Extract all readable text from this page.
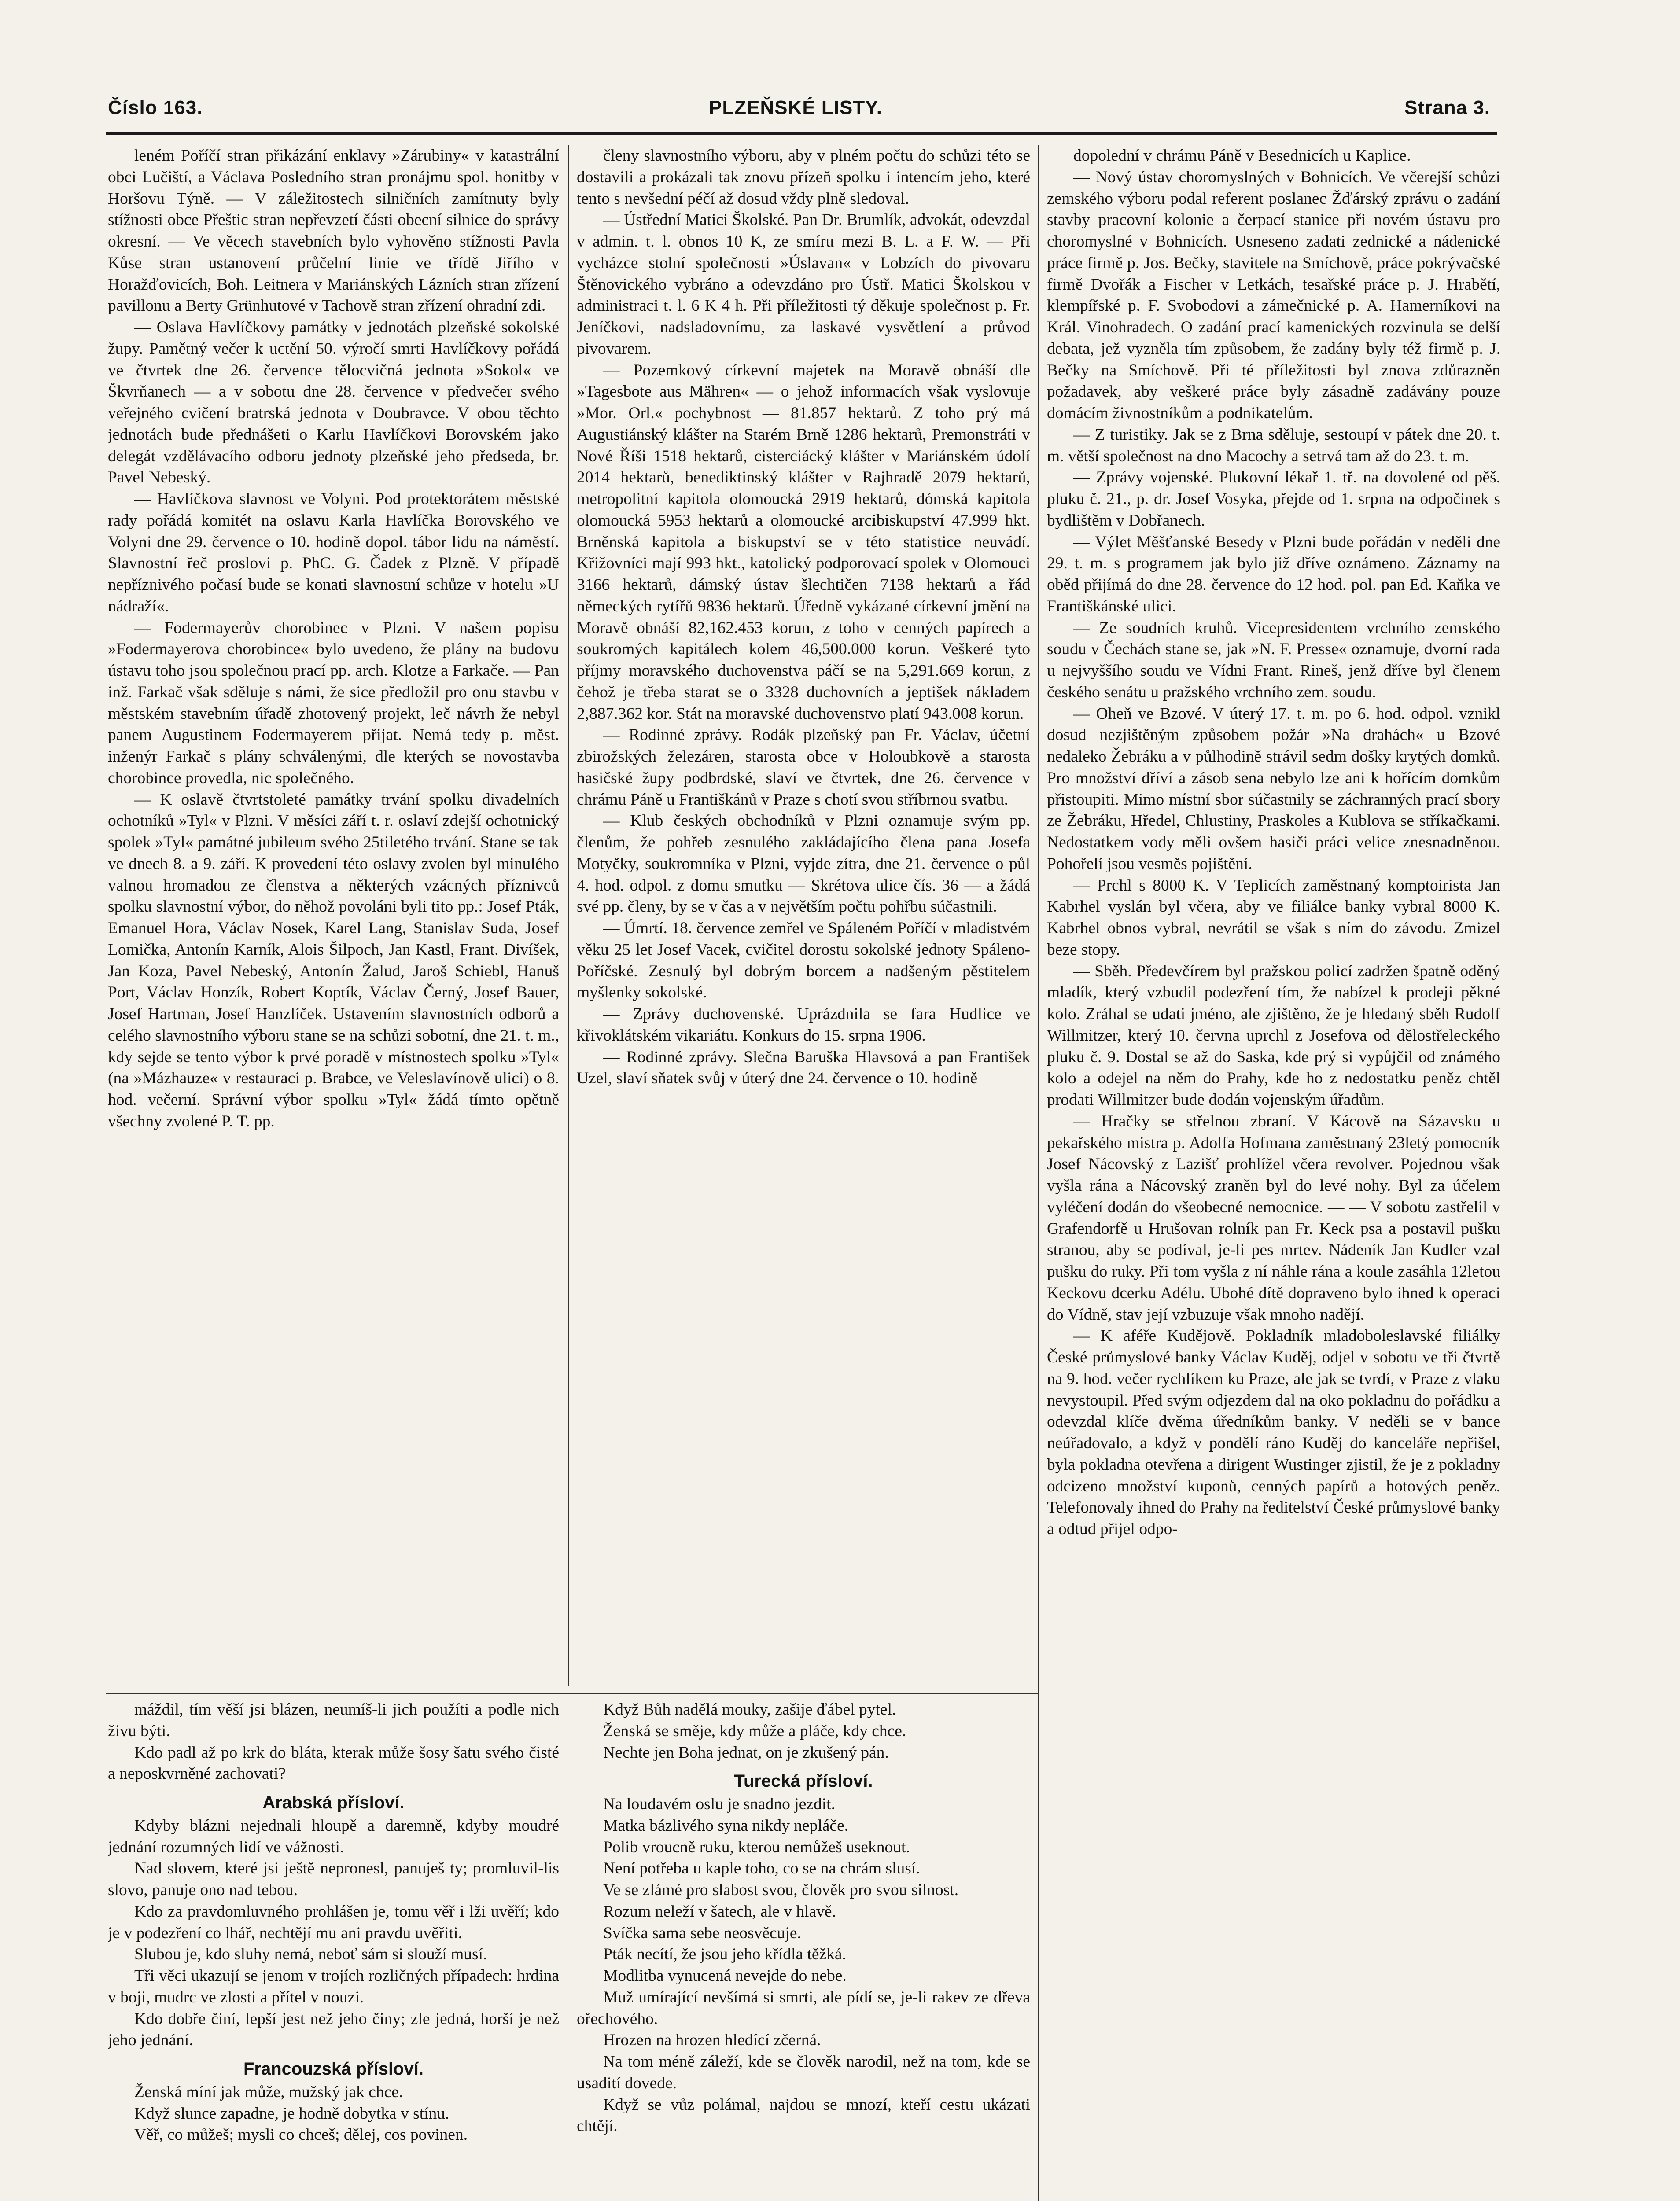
Číslo 163.	PLZEŇSKÉ LISTY.	Strana 3.

leném Poříčí stran přikázání enklavy »Zárubiny« v katastrální obci Lučiští, a Václava Posledního stran pronájmu spol. honitby v Horšovu Týně. — V záležitostech silničních zamítnuty byly stížnosti obce Přeštic stran nepřevzetí části obecní silnice do správy okresní. — Ve věcech stavebních bylo vyhověno stížnosti Pavla Kůse stran ustanovení průčelní linie ve třídě Jiřího v Horažďovicích, Boh. Leitnera v Mariánských Lázních stran zřízení pavillonu a Berty Grünhutové v Tachově stran zřízení ohradní zdi.

— Oslava Havlíčkovy památky v jednotách plzeňské sokolské župy. Pamětný večer k uctění 50. výročí smrti Havlíčkovy pořádá ve čtvrtek dne 26. července tělocvičná jednota »Sokol« ve Škvrňanech — a v sobotu dne 28. července v předvečer svého veřejného cvičení bratrská jednota v Doubravce. V obou těchto jednotách bude přednášeti o Karlu Havlíčkovi Borovském jako delegát vzdělávacího odboru jednoty plzeňské jeho předseda, br. Pavel Nebeský.

— Havlíčkova slavnost ve Volyni. Pod protektorátem městské rady pořádá komitét na oslavu Karla Havlíčka Borovského ve Volyni dne 29. července o 10. hodině dopol. tábor lidu na náměstí. Slavnostní řeč proslovi p. PhC. G. Čadek z Plzně. V případě nepříznivého počasí bude se konati slavnostní schůze v hotelu »U nádraží«.

— Fodermayerův chorobinec v Plzni. V našem popisu »Fodermayerova chorobince« bylo uvedeno, že plány na budovu ústavu toho jsou společnou prací pp. arch. Klotze a Farkače. — Pan inž. Farkač však sděluje s námi, že sice předložil pro onu stavbu v městském stavebním úřadě zhotovený projekt, leč návrh že nebyl panem Augustinem Fodermayerem přijat. Nemá tedy p. měst. inženýr Farkač s plány schválenými, dle kterých se novostavba chorobince provedla, nic společného.

— K oslavě čtvrtstoleté památky trvání spolku divadelních ochotníků »Tyl« v Plzni. V měsíci září t. r. oslaví zdejší ochotnický spolek »Tyl« památné jubileum svého 25tiletého trvání. Stane se tak ve dnech 8. a 9. září. K provedení této oslavy zvolen byl minulého valnou hromadou ze členstva a některých vzácných příznivců spolku slavnostní výbor, do něhož povoláni byli tito pp.: Josef Pták, Emanuel Hora, Václav Nosek, Karel Lang, Stanislav Suda, Josef Lomička, Antonín Karník, Alois Šilpoch, Jan Kastl, Frant. Divíšek, Jan Koza, Pavel Nebeský, Antonín Žalud, Jaroš Schiebl, Hanuš Port, Václav Honzík, Robert Koptík, Václav Černý, Josef Bauer, Josef Hartman, Josef Hanzlíček. Ustavením slavnostních odborů a celého slavnostního výboru stane se na schůzi sobotní, dne 21. t. m., kdy sejde se tento výbor k prvé poradě v místnostech spolku »Tyl« (na »Mázhauze« v restauraci p. Brabce, ve Veleslavínově ulici) o 8. hod. večerní. Správní výbor spolku »Tyl« žádá tímto opětně všechny zvolené P. T. pp.

členy slavnostního výboru, aby v plném počtu do schůzi této se dostavili a prokázali tak znovu přízeň spolku i intencím jeho, které tento s nevšední péčí až dosud vždy plně sledoval.

— Ústřední Matici Školské. Pan Dr. Brumlík, advokát, odevzdal v admin. t. l. obnos 10 K, ze smíru mezi B. L. a F. W. — Při vycházce stolní společnosti »Úslavan« v Lobzích do pivovaru Štěnovického vybráno a odevzdáno pro Ústř. Matici Školskou v administraci t. l. 6 K 4 h. Při příležitosti tý děkuje společnost p. Fr. Jeníčkovi, nadsladovnímu, za laskavé vysvětlení a průvod pivovarem.

— Pozemkový církevní majetek na Moravě obnáší dle »Tagesbote aus Mähren« — o jehož informacích však vyslovuje »Mor. Orl.« pochybnost — 81.857 hektarů. Z toho prý má Augustiánský klášter na Starém Brně 1286 hektarů, Premonstráti v Nové Říši 1518 hektarů, cisterciácký klášter v Mariánském údolí 2014 hektarů, benediktinský klášter v Rajhradě 2079 hektarů, metropolitní kapitola olomoucká 2919 hektarů, dómská kapitola olomoucká 5953 hektarů a olomoucké arcibiskupství 47.999 hkt. Brněnská kapitola a biskupství se v této statistice neuvádí. Křižovníci mají 993 hkt., katolický podporovací spolek v Olomouci 3166 hektarů, dámský ústav šlechtičen 7138 hektarů a řád německých rytířů 9836 hektarů. Úředně vykázané církevní jmění na Moravě obnáší 82,162.453 korun, z toho v cenných papírech a soukromých kapitálech kolem 46,500.000 korun. Veškeré tyto příjmy moravského duchovenstva páčí se na 5,291.669 korun, z čehož je třeba starat se o 3328 duchovních a jeptišek nákladem 2,887.362 kor. Stát na moravské duchovenstvo platí 943.008 korun.

— Rodinné zprávy. Rodák plzeňský pan Fr. Václav, účetní zbirožských železáren, starosta obce v Holoubkově a starosta hasičské župy podbrdské, slaví ve čtvrtek, dne 26. července v chrámu Páně u Františkánů v Praze s chotí svou stříbrnou svatbu.

— Klub českých obchodníků v Plzni oznamuje svým pp. členům, že pohřeb zesnulého zakládajícího člena pana Josefa Motyčky, soukromníka v Plzni, vyjde zítra, dne 21. července o půl 4. hod. odpol. z domu smutku — Skrétova ulice čís. 36 — a žádá své pp. členy, by se v čas a v největším počtu pohřbu súčastnili.

— Úmrtí. 18. července zemřel ve Spáleném Poříčí v mladistvém věku 25 let Josef Vacek, cvičitel dorostu sokolské jednoty Spáleno-Poříčské. Zesnulý byl dobrým borcem a nadšeným pěstitelem myšlenky sokolské.

— Zprávy duchovenské. Uprázdnila se fara Hudlice ve křivoklátském vikariátu. Konkurs do 15. srpna 1906.

— Rodinné zprávy. Slečna Baruška Hlavsová a pan František Uzel, slaví sňatek svůj v úterý dne 24. července o 10. hodině

dopolední v chrámu Páně v Besednicích u Kaplice.

— Nový ústav choromyslných v Bohnicích. Ve včerejší schůzi zemského výboru podal referent poslanec Žďárský zprávu o zadání stavby pracovní kolonie a čerpací stanice při novém ústavu pro choromyslné v Bohnicích. Usneseno zadati zednické a nádenické práce firmě p. Jos. Bečky, stavitele na Smíchově, práce pokrývačské firmě Dvořák a Fischer v Letkách, tesařské práce p. J. Hrabětí, klempířské p. F. Svobodovi a zámečnické p. A. Hamerníkovi na Král. Vinohradech. O zadání prací kamenických rozvinula se delší debata, jež vyzněla tím způsobem, že zadány byly též firmě p. J. Bečky na Smíchově. Při té příležitosti byl znova zdůrazněn požadavek, aby veškeré práce byly zásadně zadávány pouze domácím živnostníkům a podnikatelům.

— Z turistiky. Jak se z Brna sděluje, sestoupí v pátek dne 20. t. m. větší společnost na dno Macochy a setrvá tam až do 23. t. m.

— Zprávy vojenské. Plukovní lékař 1. tř. na dovolené od pěš. pluku č. 21., p. dr. Josef Vosyka, přejde od 1. srpna na odpočinek s bydlištěm v Dobřanech.

— Výlet Měšťanské Besedy v Plzni bude pořádán v neděli dne 29. t. m. s programem jak bylo již dříve oznámeno. Záznamy na oběd přijímá do dne 28. července do 12 hod. pol. pan Ed. Kaňka ve Františkánské ulici.

— Ze soudních kruhů. Vicepresidentem vrchního zemského soudu v Čechách stane se, jak »N. F. Presse« oznamuje, dvorní rada u nejvyššího soudu ve Vídni Frant. Rineš, jenž dříve byl členem českého senátu u pražského vrchního zem. soudu.

— Oheň ve Bzové. V úterý 17. t. m. po 6. hod. odpol. vznikl dosud nezjištěným způsobem požár »Na drahách« u Bzové nedaleko Žebráku a v půlhodině strávil sedm došky krytých domků. Pro množství dříví a zásob sena nebylo lze ani k hořícím domkům přistoupiti. Mimo místní sbor súčastnily se záchranných prací sbory ze Žebráku, Hředel, Chlustiny, Praskoles a Kublova se stříkačkami. Nedostatkem vody měli ovšem hasiči práci velice znesnadněnou. Pohořelí jsou vesměs pojištění.

— Prchl s 8000 K. V Teplicích zaměstnaný komptoirista Jan Kabrhel vyslán byl včera, aby ve filiálce banky vybral 8000 K. Kabrhel obnos vybral, nevrátil se však s ním do závodu. Zmizel beze stopy.

— Sběh. Předevčírem byl pražskou policí zadržen špatně oděný mladík, který vzbudil podezření tím, že nabízel k prodeji pěkné kolo. Zráhal se udati jméno, ale zjištěno, že je hledaný sběh Rudolf Willmitzer, který 10. června uprchl z Josefova od dělostřeleckého pluku č. 9. Dostal se až do Saska, kde prý si vypůjčil od známého kolo a odejel na něm do Prahy, kde ho z nedostatku peněz chtěl prodati Willmitzer bude dodán vojenským úřadům.

— Hračky se střelnou zbraní. V Kácově na Sázavsku u pekařského mistra p. Adolfa Hofmana zaměstnaný 23letý pomocník Josef Nácovský z Lazišť prohlížel včera revolver. Pojednou však vyšla rána a Nácovský zraněn byl do levé nohy. Byl za účelem vyléčení dodán do všeobecné nemocnice. — — V sobotu zastřelil v Grafendorfě u Hrušovan rolník pan Fr. Keck psa a postavil pušku stranou, aby se podíval, je-li pes mrtev. Nádeník Jan Kudler vzal pušku do ruky. Při tom vyšla z ní náhle rána a koule zasáhla 12letou Keckovu dcerku Adélu. Ubohé dítě dopraveno bylo ihned k operaci do Vídně, stav její vzbuzuje však mnoho nadějí.

— K aféře Kudějově. Pokladník mladoboleslavské filiálky České průmyslové banky Václav Kuděj, odjel v sobotu ve tři čtvrtě na 9. hod. večer rychlíkem ku Praze, ale jak se tvrdí, v Praze z vlaku nevystoupil. Před svým odjezdem dal na oko pokladnu do pořádku a odevzdal klíče dvěma úředníkům banky. V neděli se v bance neúřadovalo, a když v pondělí ráno Kuděj do kanceláře nepřišel, byla pokladna otevřena a dirigent Wustinger zjistil, že je z pokladny odcizeno množství kuponů, cenných papírů a hotových peněz. Telefonovaly ihned do Prahy na ředitelství České průmyslové banky a odtud přijel odpo-

máždil, tím věší jsi blázen, neumíš-li jich použíti a podle nich živu býti.

Kdo padl až po krk do bláta, kterak může šosy šatu svého čisté a neposkvrněné zachovati?

Arabská přísloví.

Kdyby blázni nejednali hloupě a daremně, kdyby moudré jednání rozumných lidí ve vážnosti.

Nad slovem, které jsi ještě nepronesl, panuješ ty; promluvil-lis slovo, panuje ono nad tebou.

Kdo za pravdomluvného prohlášen je, tomu věř i lži uvěří; kdo je v podezření co lhář, nechtějí mu ani pravdu uvěřiti.

Slubou je, kdo sluhy nemá, neboť sám si slouží musí.

Tři věci ukazují se jenom v trojích rozličných případech: hrdina v boji, mudrc ve zlosti a přítel v nouzi.

Kdo dobře činí, lepší jest než jeho činy; zle jedná, horší je než jeho jednání.

Francouzská přísloví.

Ženská míní jak může, mužský jak chce.

Když slunce zapadne, je hodně dobytka v stínu.

Věř, co můžeš; mysli co chceš; dělej, cos povinen.

Když Bůh nadělá mouky, zašije ďábel pytel.

Ženská se směje, kdy může a pláče, kdy chce.

Nechte jen Boha jednat, on je zkušený pán.

Turecká přísloví.

Na loudavém oslu je snadno jezdit.

Matka bázlivého syna nikdy nepláče.

Polib vroucně ruku, kterou nemůžeš useknout.

Není potřeba u kaple toho, co se na chrám slusí.

Ve se zlámé pro slabost svou, člověk pro svou silnost.

Rozum neleží v šatech, ale v hlavě.

Svíčka sama sebe neosvěcuje.

Pták necítí, že jsou jeho křídla těžká.

Modlitba vynucená nevejde do nebe.

Muž umírající nevšímá si smrti, ale pídí se, je-li rakev ze dřeva ořechového.

Hrozen na hrozen hledící zčerná.

Na tom méně záleží, kde se člověk narodil, než na tom, kde se usadití dovede.

Když se vůz polámal, najdou se mnozí, kteří cestu ukázati chtějí.
